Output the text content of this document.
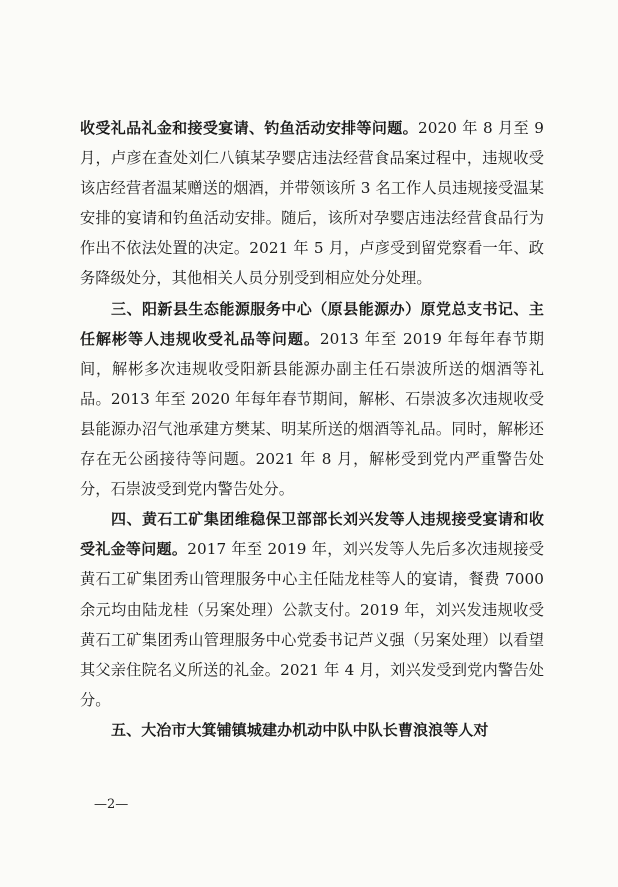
收受礼品礼金和接受宴请、钓鱼活动安排等问题。2020 年 8 月至 9 月，卢彦在查处刘仁八镇某孕婴店违法经营食品案过程中，违规收受该店经营者温某赠送的烟酒，并带领该所 3 名工作人员违规接受温某安排的宴请和钓鱼活动安排。随后，该所对孕婴店违法经营食品行为作出不依法处置的决定。2021 年 5 月，卢彦受到留党察看一年、政务降级处分，其他相关人员分别受到相应处分处理。

三、阳新县生态能源服务中心（原县能源办）原党总支书记、主任解彬等人违规收受礼品等问题。2013 年至 2019 年每年春节期间，解彬多次违规收受阳新县能源办副主任石崇波所送的烟酒等礼品。2013 年至 2020 年每年春节期间，解彬、石崇波多次违规收受县能源办沼气池承建方樊某、明某所送的烟酒等礼品。同时，解彬还存在无公函接待等问题。2021 年 8 月，解彬受到党内严重警告处分，石崇波受到党内警告处分。

四、黄石工矿集团维稳保卫部部长刘兴发等人违规接受宴请和收受礼金等问题。2017 年至 2019 年，刘兴发等人先后多次违规接受黄石工矿集团秀山管理服务中心主任陆龙桂等人的宴请，餐费 7000 余元均由陆龙桂（另案处理）公款支付。2019 年，刘兴发违规收受黄石工矿集团秀山管理服务中心党委书记芦义强（另案处理）以看望其父亲住院名义所送的礼金。2021 年 4 月，刘兴发受到党内警告处分。

五、大冶市大箕铺镇城建办机动中队中队长曹浪浪等人对

—2—
